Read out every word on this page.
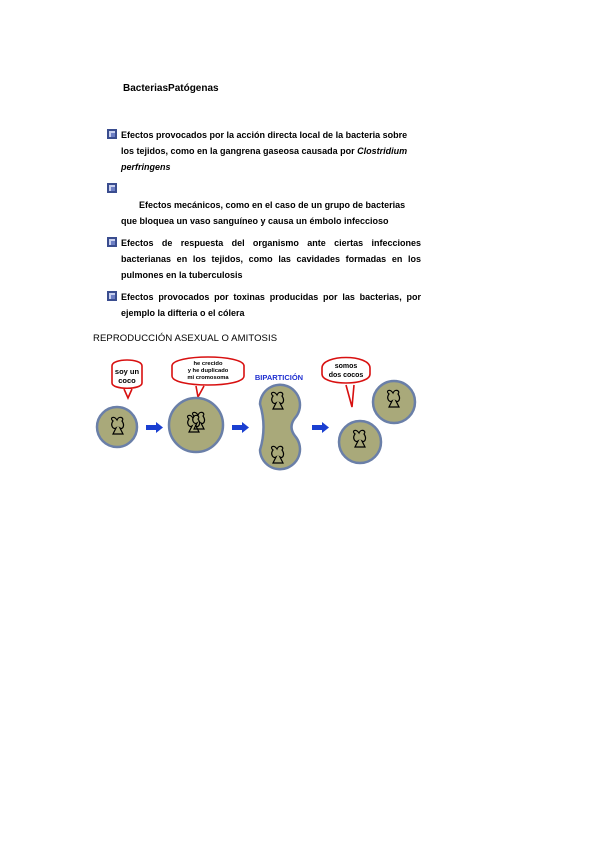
BacteriasPatógenas
Efectos provocados por la acción directa local de la bacteria sobre los tejidos, como en la gangrena gaseosa causada por Clostridium perfringens

Efectos mecánicos, como en el caso de un grupo de bacterias que bloquea un vaso sanguíneo y causa un émbolo infeccioso
Efectos de respuesta del organismo ante ciertas infecciones bacterianas en los tejidos, como las cavidades formadas en los pulmones en la tuberculosis
Efectos provocados por toxinas producidas por las bacterias, por ejemplo la difteria o el cólera
REPRODUCCIÓN ASEXUAL O AMITOSIS
soy un
coco
he crecido
y he duplicado
mi cromosoma	BIPARTICIÓN
somos
dos cocos
